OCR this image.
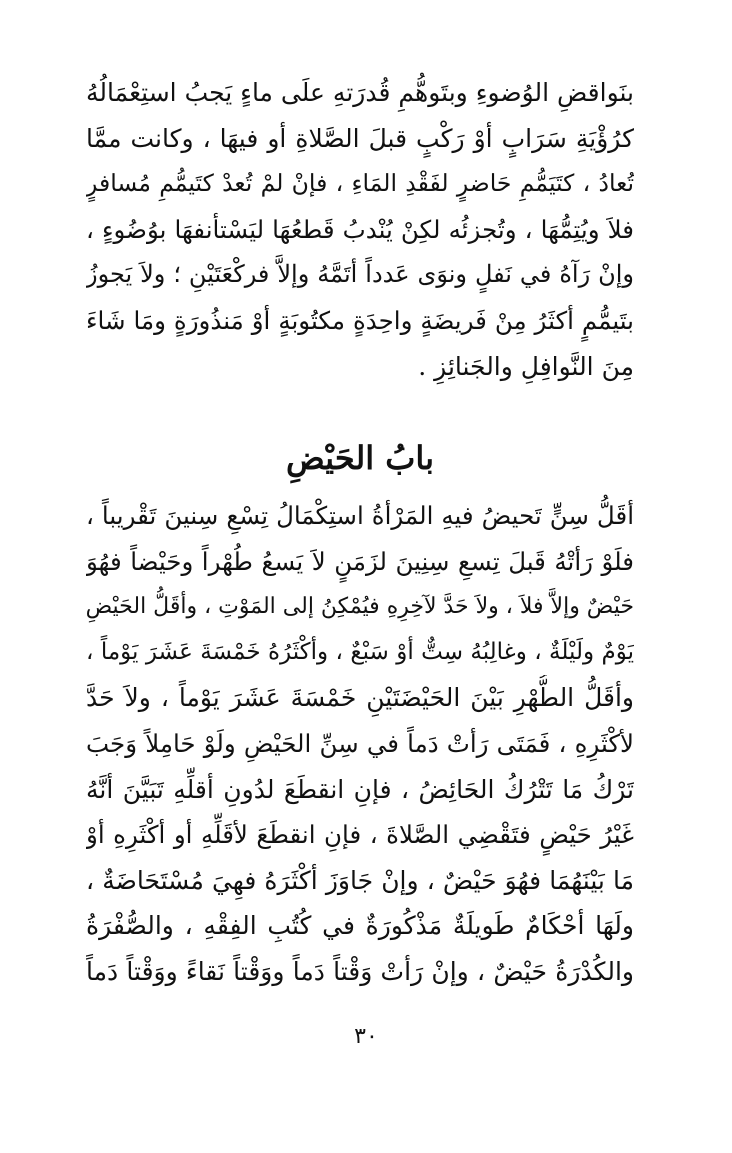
بنَواقضِ الوُضوءِ وبتَوهُّمِ قُدرَتهِ علَى ماءٍ يَجبُ استِعْمَالُهُ
كرُؤْيَةِ سَرَابٍ أوْ رَكْبٍ قبلَ الصَّلاةِ أو فيهَا ، وكانت ممَّا
تُعادُ ، كتَيَمُّمِ حَاضرٍ لفَقْدِ المَاءِ ، فإنْ لمْ تُعدْ كتَيمُّمِ مُسافرٍ
فلاَ ويُتِمُّهَا ، وتُجزئُه لكِنْ يُنْدبُ قَطعُهَا ليَسْتأنفهَا بوُضُوءٍ ،
وإنْ رَآهُ في نَفلٍ ونوَى عَدداً أتَمَّهُ وإلاَّ فركْعَتَيْنِ ؛ ولاَ يَجوزُ
بتَيمُّمٍ أكثَرُ مِنْ فَريضَةٍ واحِدَةٍ مكتُوبَةٍ أوْ مَنذُورَةٍ ومَا شَاءَ
مِنَ النَّوافِلِ والجَنائِزِ .
بابُ الحَيْضِ
أقَلُّ سِنٍّ تَحيضُ فيهِ المَرْأةُ استِكْمَالُ تِسْعِ سِنينَ تَقْريباً ،
فلَوْ رَأتْهُ قَبلَ تِسعِ سِنِينَ لزَمَنٍ لاَ يَسعُ طُهْراً وحَيْضاً فهُوَ
حَيْضٌ وإلاَّ فلاَ ، ولاَ حَدَّ لآخِرِهِ فيُمْكِنُ إلى المَوْتِ ، وأقَلُّ الحَيْضِ
يَوْمٌ ولَيْلَةٌ ، وغالِبُهُ سِتٌّ أوْ سَبْعٌ ، وأكْثَرُهُ خَمْسَةَ عَشَرَ يَوْماً ،
وأقَلُّ الطُّهْرِ بَيْنَ الحَيْضَتَيْنِ خَمْسَةَ عَشَرَ يَوْماً ، ولاَ حَدَّ
لأكْثَرِهِ ، فَمَتَى رَأتْ دَماً في سِنِّ الحَيْضِ ولَوْ حَامِلاً وَجَبَ
تَرْكُ مَا تَتْرُكُ الحَائِضُ ، فإنِ انقطَعَ لدُونِ أقلِّهِ تَبَيَّنَ أنَّهُ
غَيْرُ حَيْضٍ فتَقْضِي الصَّلاةَ ، فإنِ انقطَعَ لأقَلِّهِ أو أكْثَرِهِ أوْ
مَا بَيْنَهُمَا فهُوَ حَيْضٌ ، وإنْ جَاوَزَ أكْثَرَهُ فهِيَ مُسْتَحَاضَةٌ ،
ولَهَا أحْكَامٌ طَويلَةٌ مَذْكُورَةٌ في كُتُبِ الفِقْهِ ، والصُّفْرَةُ
والكُدْرَةُ حَيْضٌ ، وإنْ رَأتْ وَقْتاً دَماً ووَقْتاً نَقاءً ووَقْتاً دَماً
٣٠
